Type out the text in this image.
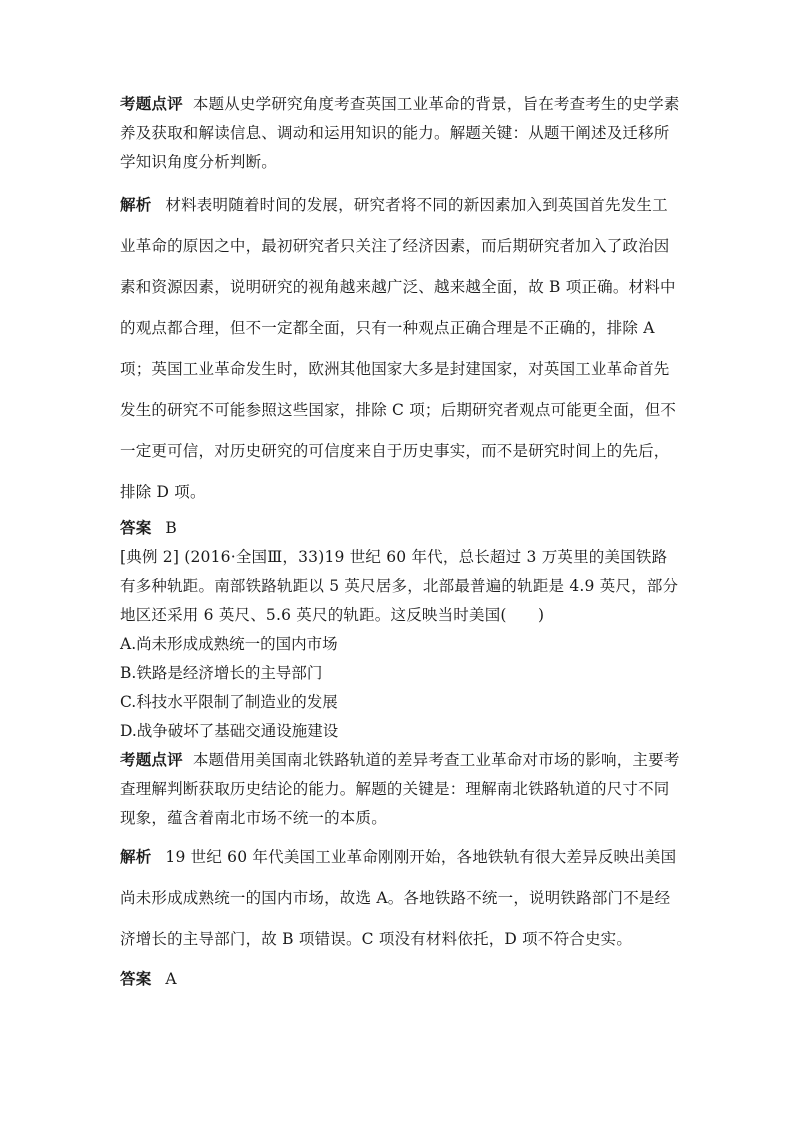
考题点评 本题从史学研究角度考查英国工业革命的背景，旨在考查考生的史学素养及获取和解读信息、调动和运用知识的能力。解题关键：从题干阐述及迁移所学知识角度分析判断。
解析 材料表明随着时间的发展，研究者将不同的新因素加入到英国首先发生工业革命的原因之中，最初研究者只关注了经济因素，而后期研究者加入了政治因素和资源因素，说明研究的视角越来越广泛、越来越全面，故 B 项正确。材料中的观点都合理，但不一定都全面，只有一种观点正确合理是不正确的，排除 A 项；英国工业革命发生时，欧洲其他国家大多是封建国家，对英国工业革命首先发生的研究不可能参照这些国家，排除 C 项；后期研究者观点可能更全面，但不一定更可信，对历史研究的可信度来自于历史事实，而不是研究时间上的先后，排除 D 项。
答案 B
[典例 2] (2016·全国Ⅲ，33)19 世纪 60 年代，总长超过 3 万英里的美国铁路有多种轨距。南部铁路轨距以 5 英尺居多，北部最普遍的轨距是 4.9 英尺，部分地区还采用 6 英尺、5.6 英尺的轨距。这反映当时美国(　　)
A.尚未形成成熟统一的国内市场
B.铁路是经济增长的主导部门
C.科技水平限制了制造业的发展
D.战争破坏了基础交通设施建设
考题点评 本题借用美国南北铁路轨道的差异考查工业革命对市场的影响，主要考查理解判断获取历史结论的能力。解题的关键是：理解南北铁路轨道的尺寸不同现象，蕴含着南北市场不统一的本质。
解析 19 世纪 60 年代美国工业革命刚刚开始，各地铁轨有很大差异反映出美国尚未形成成熟统一的国内市场，故选 A。各地铁路不统一，说明铁路部门不是经济增长的主导部门，故 B 项错误。C 项没有材料依托，D 项不符合史实。
答案 A
